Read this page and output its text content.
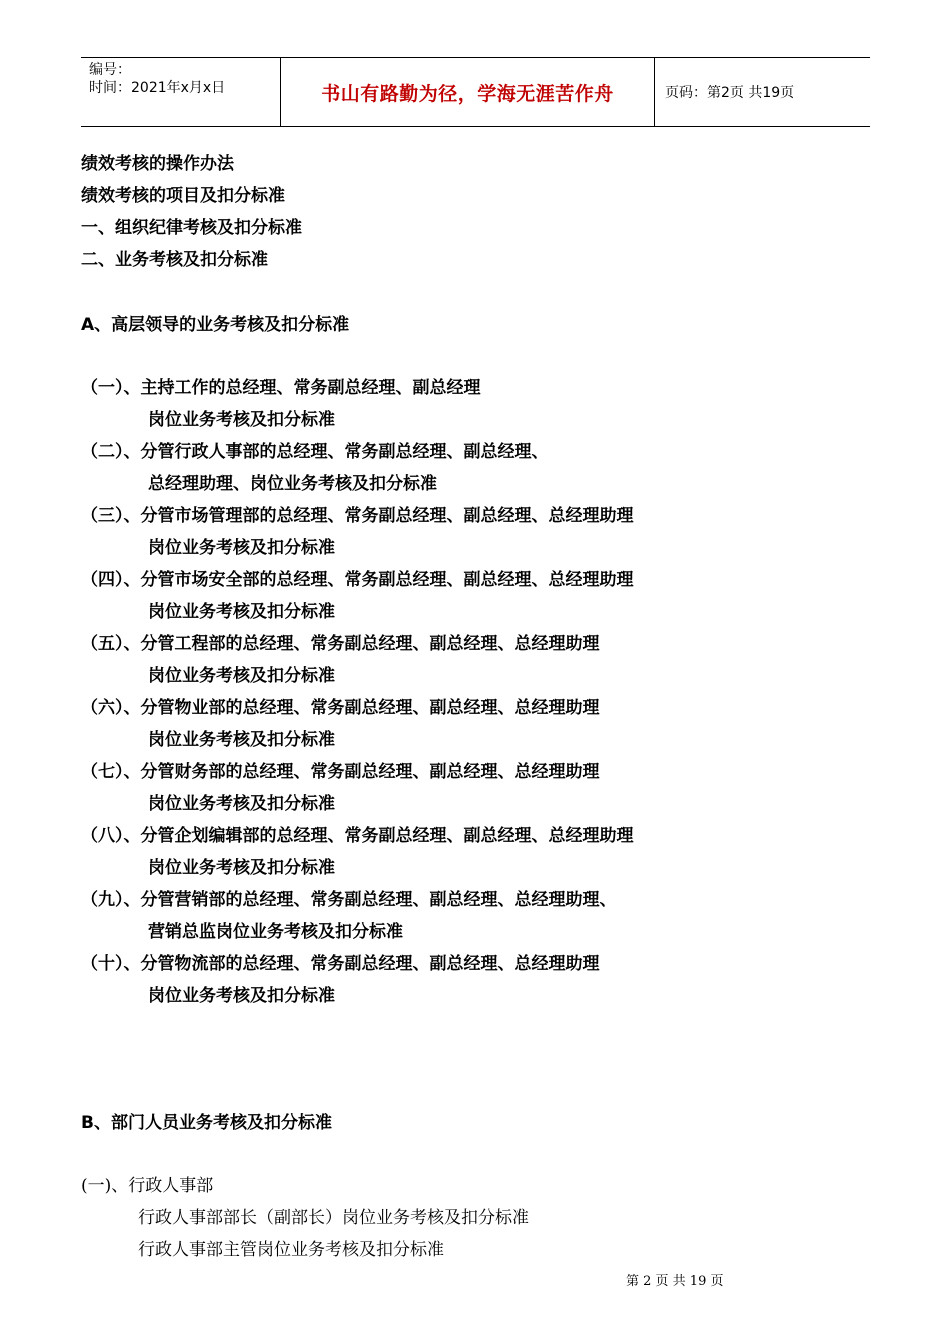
编号：
时间：2021年x月x日	书山有路勤为径，学海无涯苦作舟	页码：第2页 共19页
绩效考核的操作办法
绩效考核的项目及扣分标准
一、组织纪律考核及扣分标准
二、业务考核及扣分标准
A、高层领导的业务考核及扣分标准
（一）、主持工作的总经理、常务副总经理、副总经理
岗位业务考核及扣分标准
（二）、分管行政人事部的总经理、常务副总经理、副总经理、
总经理助理、岗位业务考核及扣分标准
（三）、分管市场管理部的总经理、常务副总经理、副总经理、总经理助理
岗位业务考核及扣分标准
（四）、分管市场安全部的总经理、常务副总经理、副总经理、总经理助理
岗位业务考核及扣分标准
（五）、分管工程部的总经理、常务副总经理、副总经理、总经理助理
岗位业务考核及扣分标准
（六）、分管物业部的总经理、常务副总经理、副总经理、总经理助理
岗位业务考核及扣分标准
（七）、分管财务部的总经理、常务副总经理、副总经理、总经理助理
岗位业务考核及扣分标准
（八）、分管企划编辑部的总经理、常务副总经理、副总经理、总经理助理
岗位业务考核及扣分标准
（九）、分管营销部的总经理、常务副总经理、副总经理、总经理助理、
营销总监岗位业务考核及扣分标准
（十）、分管物流部的总经理、常务副总经理、副总经理、总经理助理
岗位业务考核及扣分标准
B、部门人员业务考核及扣分标准
(一)、行政人事部
行政人事部部长（副部长）岗位业务考核及扣分标准
行政人事部主管岗位业务考核及扣分标准
第 2 页 共 19 页
